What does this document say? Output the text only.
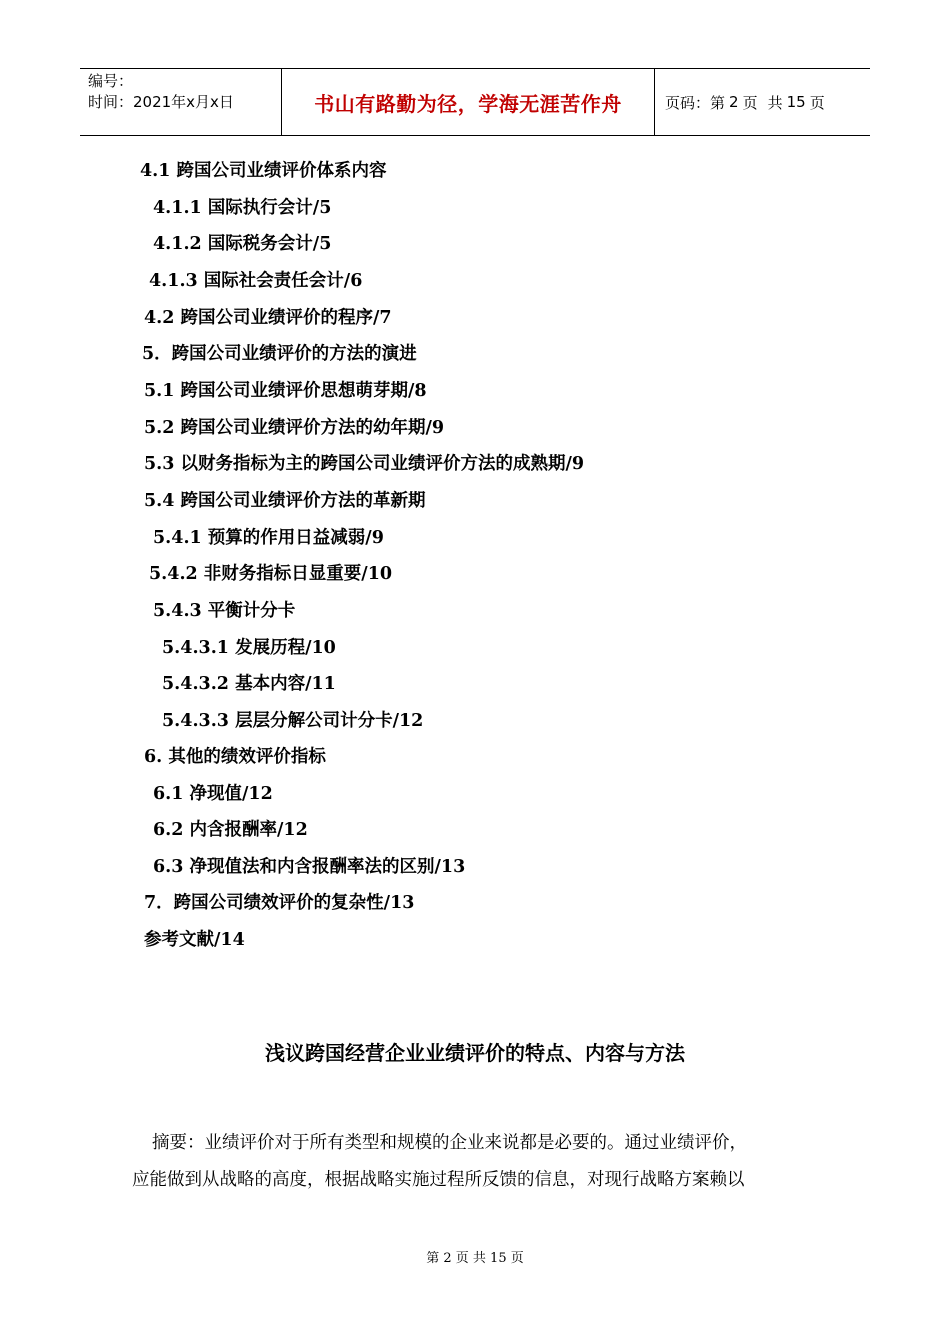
编号：
时间：2021年x月x日	书山有路勤为径，学海无涯苦作舟	页码：第 2 页 共 15 页
4.1 跨国公司业绩评价体系内容
4.1.1 国际执行会计/5
4.1.2 国际税务会计/5
4.1.3 国际社会责任会计/6
4.2 跨国公司业绩评价的程序/7
5．跨国公司业绩评价的方法的演进
5.1 跨国公司业绩评价思想萌芽期/8
5.2 跨国公司业绩评价方法的幼年期/9
5.3 以财务指标为主的跨国公司业绩评价方法的成熟期/9
5.4 跨国公司业绩评价方法的革新期
5.4.1 预算的作用日益减弱/9
5.4.2 非财务指标日显重要/10
5.4.3 平衡计分卡
5.4.3.1 发展历程/10
5.4.3.2 基本内容/11
5.4.3.3 层层分解公司计分卡/12
6. 其他的绩效评价指标
6.1 净现值/12
6.2 内含报酬率/12
6.3 净现值法和内含报酬率法的区别/13
7．跨国公司绩效评价的复杂性/13
参考文献/14
浅议跨国经营企业业绩评价的特点、内容与方法
摘要：业绩评价对于所有类型和规模的企业来说都是必要的。通过业绩评价，
应能做到从战略的高度，根据战略实施过程所反馈的信息，对现行战略方案赖以
第 2 页 共 15 页
